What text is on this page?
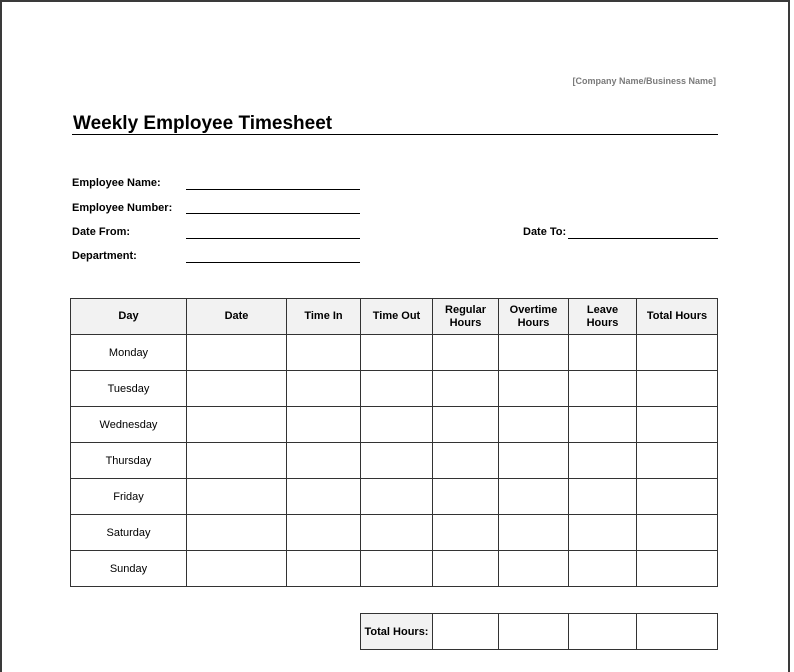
[Company Name/Business Name]
Weekly Employee Timesheet
Employee Name:
Employee Number:
Date From:
Department:
Date To:
Day	Date	Time In	Time Out	Regular Hours	Overtime Hours	Leave Hours	Total Hours
Monday							
Tuesday							
Wednesday							
Thursday							
Friday							
Saturday							
Sunday							
Total Hours:				
